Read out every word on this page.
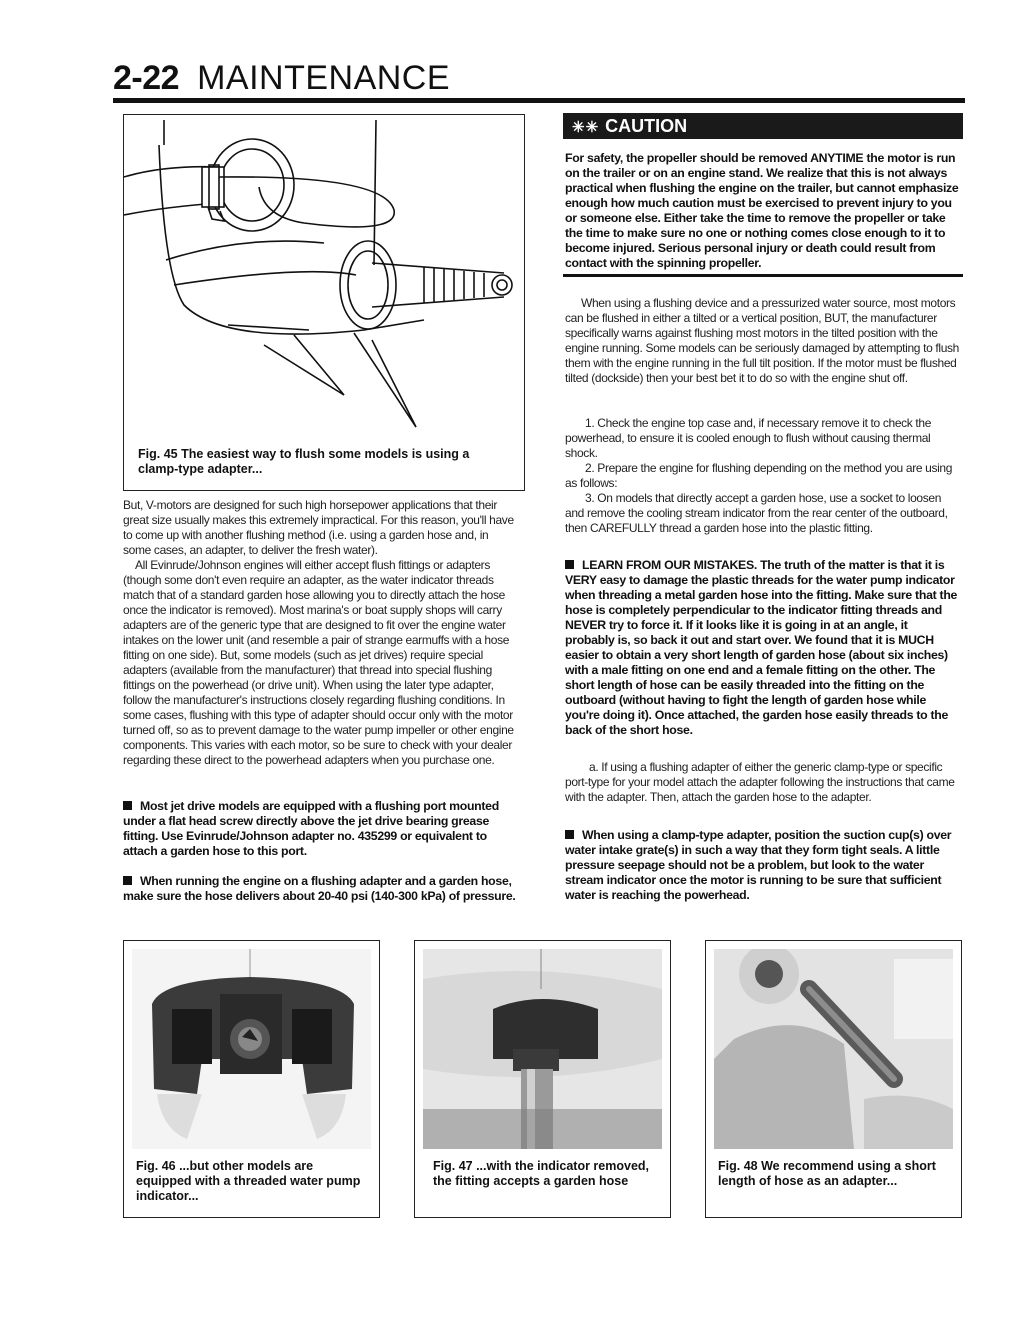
2-22 MAINTENANCE
Fig. 45 The easiest way to flush some models is using a clamp-type adapter...

But, V-motors are designed for such high horsepower applications that their great size usually makes this extremely impractical. For this reason, you'll have to come up with another flushing method (i.e. using a garden hose and, in some cases, an adapter, to deliver the fresh water).

All Evinrude/Johnson engines will either accept flush fittings or adapters (though some don't even require an adapter, as the water indicator threads match that of a standard garden hose allowing you to directly attach the hose once the indicator is removed). Most marina's or boat supply shops will carry adapters are of the generic type that are designed to fit over the engine water intakes on the lower unit (and resemble a pair of strange earmuffs with a hose fitting on one side). But, some models (such as jet drives) require special adapters (available from the manufacturer) that thread into special flushing fittings on the powerhead (or drive unit). When using the later type adapter, follow the manufacturer's instructions closely regarding flushing conditions. In some cases, flushing with this type of adapter should occur only with the motor turned off, so as to prevent damage to the water pump impeller or other engine components. This varies with each motor, so be sure to check with your dealer regarding these direct to the powerhead adapters when you purchase one.

Most jet drive models are equipped with a flushing port mounted under a flat head screw directly above the jet drive bearing grease fitting. Use Evinrude/Johnson adapter no. 435299 or equivalent to attach a garden hose to this port.
When running the engine on a flushing adapter and a garden hose, make sure the hose delivers about 20-40 psi (140-300 kPa) of pressure.
✳✳ CAUTION
For safety, the propeller should be removed ANYTIME the motor is run on the trailer or on an engine stand. We realize that this is not always practical when flushing the engine on the trailer, but cannot emphasize enough how much caution must be exercised to prevent injury to you or someone else. Either take the time to remove the propeller or take the time to make sure no one or nothing comes close enough to it to become injured. Serious personal injury or death could result from contact with the spinning propeller.
When using a flushing device and a pressurized water source, most motors can be flushed in either a tilted or a vertical position, BUT, the manufacturer specifically warns against flushing most motors in the tilted position with the engine running. Some models can be seriously damaged by attempting to flush them with the engine running in the full tilt position. If the motor must be flushed tilted (dockside) then your best bet it to do so with the engine shut off.

1. Check the engine top case and, if necessary remove it to check the powerhead, to ensure it is cooled enough to flush without causing thermal shock.

2. Prepare the engine for flushing depending on the method you are using as follows:

3. On models that directly accept a garden hose, use a socket to loosen and remove the cooling stream indicator from the rear center of the outboard, then CAREFULLY thread a garden hose into the plastic fitting.

LEARN FROM OUR MISTAKES. The truth of the matter is that it is VERY easy to damage the plastic threads for the water pump indicator when threading a metal garden hose into the fitting. Make sure that the hose is completely perpendicular to the indicator fitting threads and NEVER try to force it. If it looks like it is going in at an angle, it probably is, so back it out and start over. We found that it is MUCH easier to obtain a very short length of garden hose (about six inches) with a male fitting on one end and a female fitting on the other. The short length of hose can be easily threaded into the fitting on the outboard (without having to fight the length of garden hose while you're doing it). Once attached, the garden hose easily threads to the back of the short hose.
a. If using a flushing adapter of either the generic clamp-type or specific port-type for your model attach the adapter following the instructions that came with the adapter. Then, attach the garden hose to the adapter.
When using a clamp-type adapter, position the suction cup(s) over water intake grate(s) in such a way that they form tight seals. A little pressure seepage should not be a problem, but look to the water stream indicator once the motor is running to be sure that sufficient water is reaching the powerhead.
Fig. 46 ...but other models are equipped with a threaded water pump indicator...
Fig. 47 ...with the indicator removed, the fitting accepts a garden hose
Fig. 48 We recommend using a short length of hose as an adapter...
